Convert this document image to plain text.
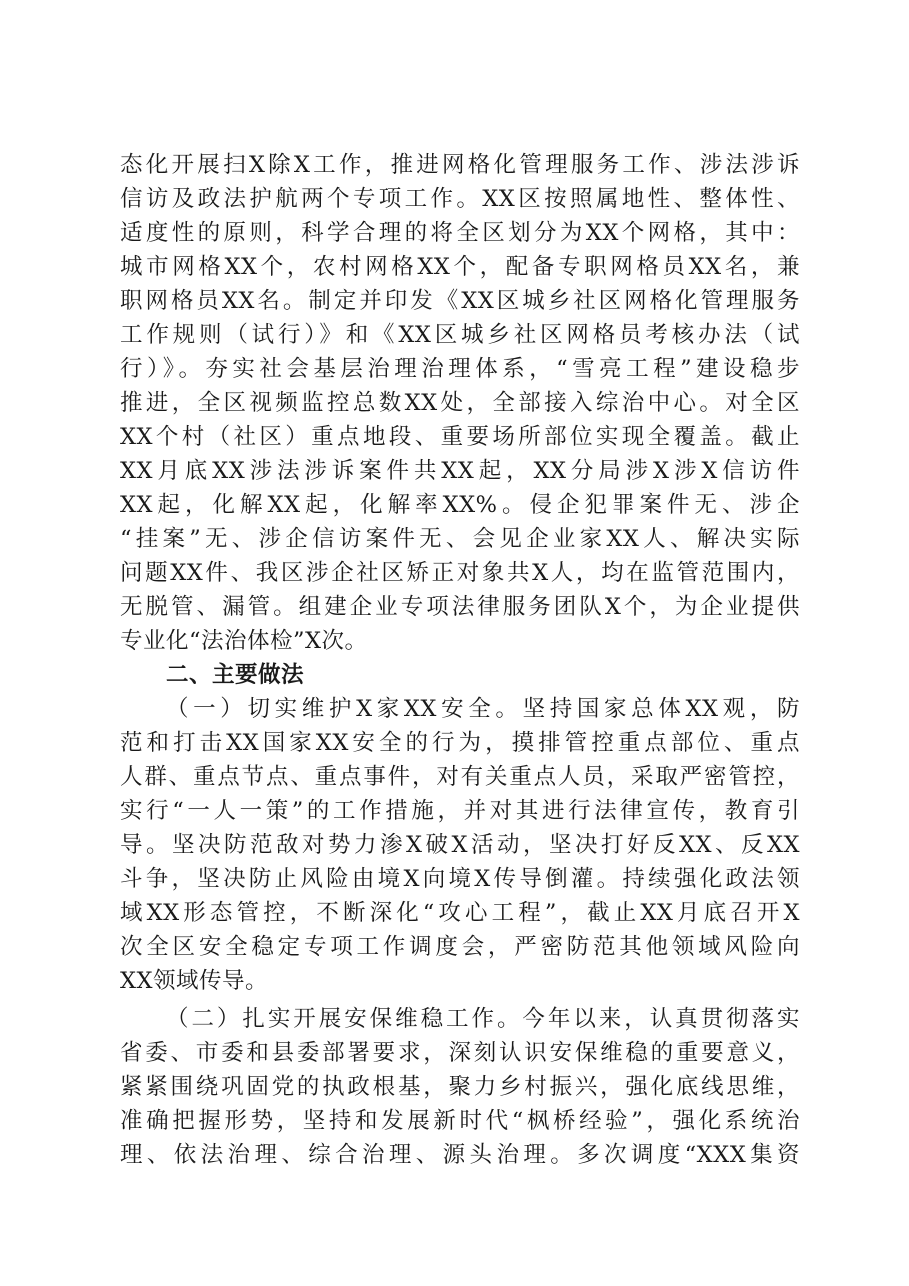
态化开展扫X除X工作，推进网格化管理服务工作、涉法涉诉
信访及政法护航两个专项工作。XX区按照属地性、整体性、
适度性的原则，科学合理的将全区划分为XX个网格，其中：
城市网格XX个，农村网格XX个，配备专职网格员XX名，兼
职网格员XX名。制定并印发《XX区城乡社区网格化管理服务
工作规则（试行）》和《XX区城乡社区网格员考核办法（试
行）》。夯实社会基层治理治理体系，“雪亮工程”建设稳步
推进，全区视频监控总数XX处，全部接入综治中心。对全区
XX个村（社区）重点地段、重要场所部位实现全覆盖。截止
XX月底XX涉法涉诉案件共XX起，XX分局涉X涉X信访件
XX起，化解XX起，化解率XX%。侵企犯罪案件无、涉企
“挂案”无、涉企信访案件无、会见企业家XX人、解决实际
问题XX件、我区涉企社区矫正对象共X人，均在监管范围内，
无脱管、漏管。组建企业专项法律服务团队X个，为企业提供
专业化“法治体检”X次。
二、主要做法
（一）切实维护X家XX安全。坚持国家总体XX观，防
范和打击XX国家XX安全的行为，摸排管控重点部位、重点
人群、重点节点、重点事件，对有关重点人员，采取严密管控，
实行“一人一策”的工作措施，并对其进行法律宣传，教育引
导。坚决防范敌对势力渗X破X活动，坚决打好反XX、反XX
斗争，坚决防止风险由境X向境X传导倒灌。持续强化政法领
域XX形态管控，不断深化“攻心工程”，截止XX月底召开X
次全区安全稳定专项工作调度会，严密防范其他领域风险向
XX领域传导。
（二）扎实开展安保维稳工作。今年以来，认真贯彻落实
省委、市委和县委部署要求，深刻认识安保维稳的重要意义，
紧紧围绕巩固党的执政根基，聚力乡村振兴，强化底线思维，
准确把握形势，坚持和发展新时代“枫桥经验”，强化系统治
理、依法治理、综合治理、源头治理。多次调度“XXX集资
